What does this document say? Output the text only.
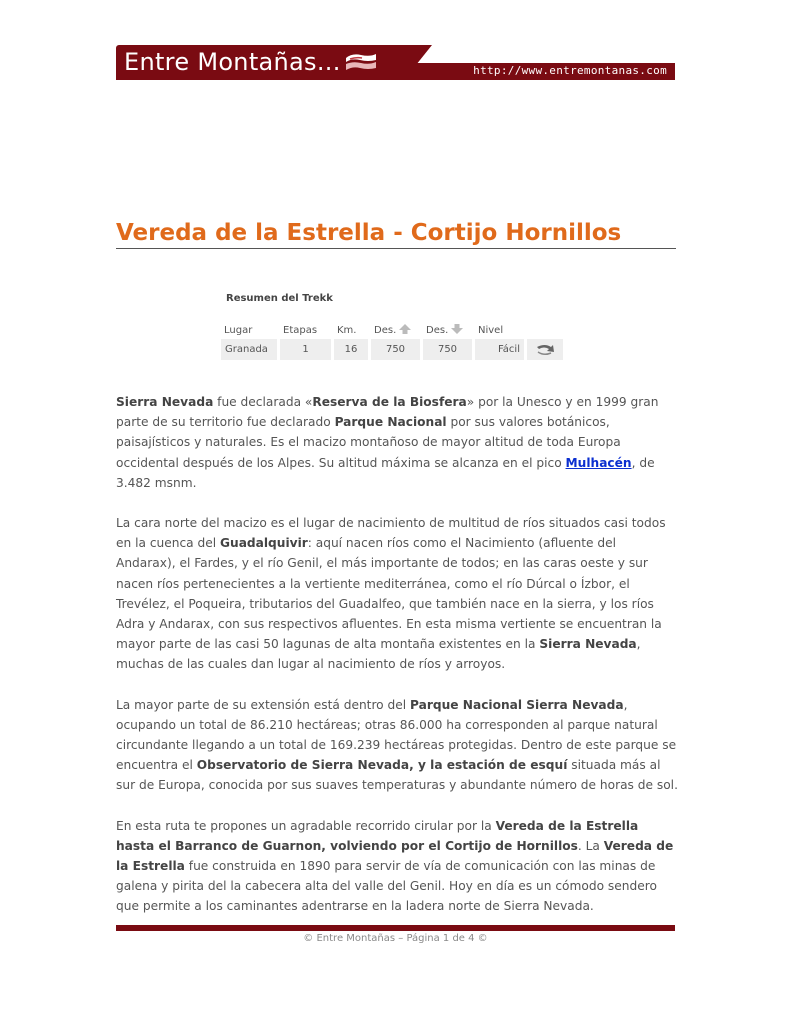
Entre Montañas...	http://www.entremontanas.com
Vereda de la Estrella - Cortijo Hornillos
Resumen del Trekk
Lugar	Etapas	Km.	Des.	Des.	Nivel	
Granada	1	16	750	750	Fácil	

Sierra Nevada fue declarada «Reserva de la Biosfera» por la Unesco y en 1999 gran parte de su territorio fue declarado Parque Nacional por sus valores botánicos, paisajísticos y naturales. Es el macizo montañoso de mayor altitud de toda Europa occidental después de los Alpes. Su altitud máxima se alcanza en el pico Mulhacén, de 3.482 msnm.

La cara norte del macizo es el lugar de nacimiento de multitud de ríos situados casi todos en la cuenca del Guadalquivir: aquí nacen ríos como el Nacimiento (afluente del Andarax), el Fardes, y el río Genil, el más importante de todos; en las caras oeste y sur nacen ríos pertenecientes a la vertiente mediterránea, como el río Dúrcal o Ízbor, el Trevélez, el Poqueira, tributarios del Guadalfeo, que también nace en la sierra, y los ríos Adra y Andarax, con sus respectivos afluentes. En esta misma vertiente se encuentran la mayor parte de las casi 50 lagunas de alta montaña existentes en la Sierra Nevada, muchas de las cuales dan lugar al nacimiento de ríos y arroyos.

La mayor parte de su extensión está dentro del Parque Nacional Sierra Nevada, ocupando un total de 86.210 hectáreas; otras 86.000 ha corresponden al parque natural circundante llegando a un total de 169.239 hectáreas protegidas. Dentro de este parque se encuentra el Observatorio de Sierra Nevada, y la estación de esquí situada más al sur de Europa, conocida por sus suaves temperaturas y abundante número de horas de sol.

En esta ruta te propones un agradable recorrido cirular por la Vereda de la Estrella hasta el Barranco de Guarnon, volviendo por el Cortijo de Hornillos. La Vereda de la Estrella fue construida en 1890 para servir de vía de comunicación con las minas de galena y pirita del la cabecera alta del valle del Genil. Hoy en día es un cómodo sendero que permite a los caminantes adentrarse en la ladera norte de Sierra Nevada.

© Entre Montañas – Página 1 de 4 ©
